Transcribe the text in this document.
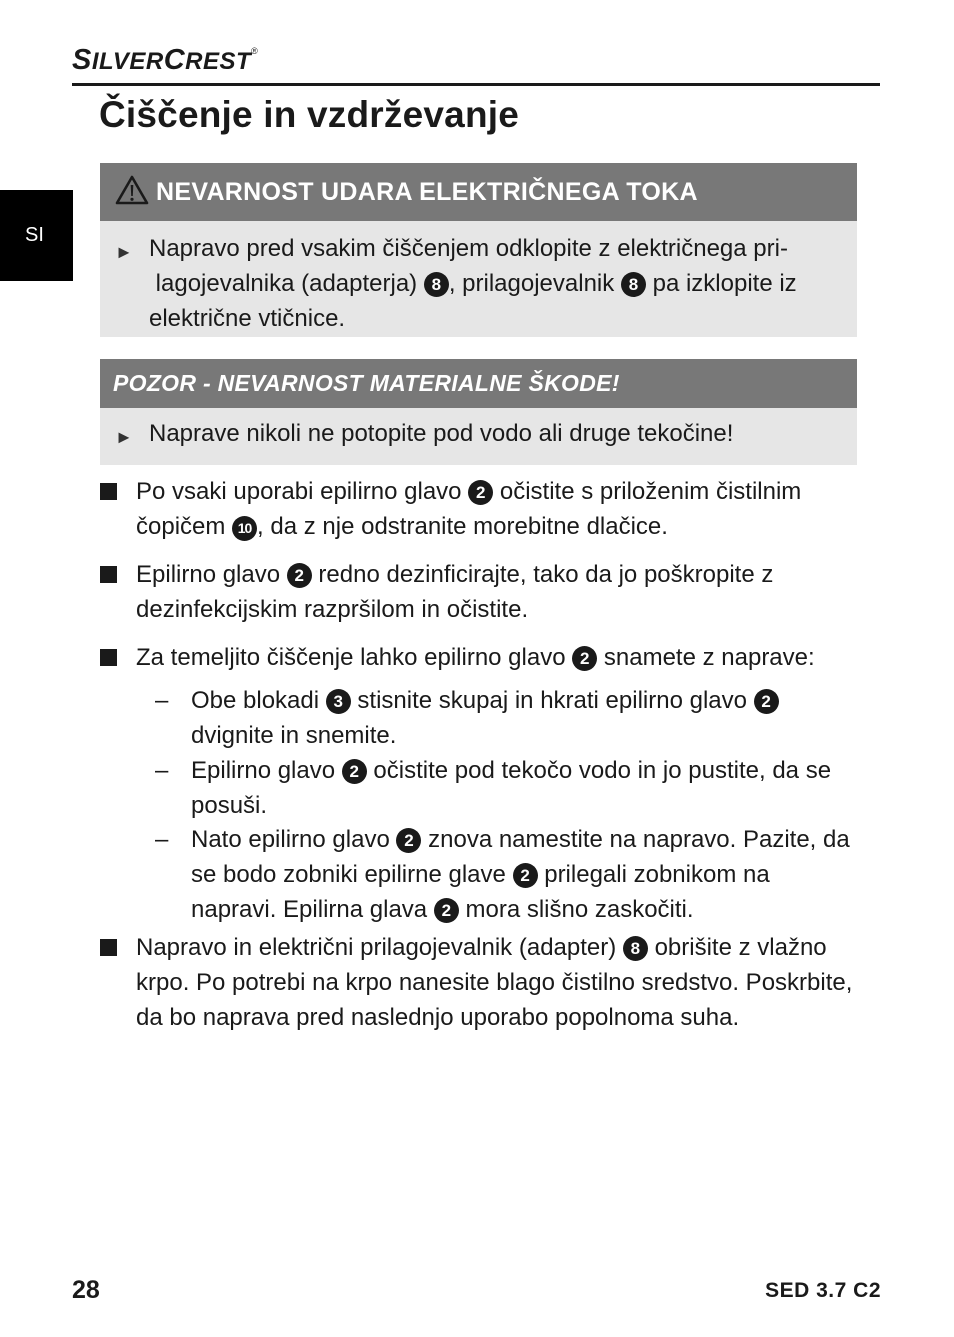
SILVERCREST®
Čiščenje in vzdrževanje
SI
NEVARNOST UDARA ELEKTRIČNEGA TOKA
► Napravo pred vsakim čiščenjem odklopite z električnega pri- lagojevalnika (adapterja) 8 , prilagojevalnik 8 pa izklopite iz električne vtičnice.

POZOR - NEVARNOST MATERIALNE ŠKODE!
► Naprave nikoli ne potopite pod vodo ali druge tekočine!

Po vsaki uporabi epilirno glavo 2 očistite s priloženim čistilnim čopičem 10 , da z nje odstranite morebitne dlačice.
Epilirno glavo 2 redno dezinficirajte, tako da jo poškropite z dezinfekcijskim razpršilom in očistite.
Za temeljito čiščenje lahko epilirno glavo 2 snamete z naprave:
– Obe blokadi 3 stisnite skupaj in hkrati epilirno glavo 2 dvignite in snemite.
– Epilirno glavo 2 očistite pod tekočo vodo in jo pustite, da se posuši.
– Nato epilirno glavo 2 znova namestite na napravo. Pazite, da se bodo zobniki epilirne glave 2 prilegali zobnikom na napravi. Epilirna glava 2 mora slišno zaskočiti.
Napravo in električni prilagojevalnik (adapter) 8 obrišite z vlažno krpo. Po potrebi na krpo nanesite blago čistilno sredstvo. Poskrbite, da bo naprava pred naslednjo uporabo popolnoma suha.
28	SED 3.7 C2
